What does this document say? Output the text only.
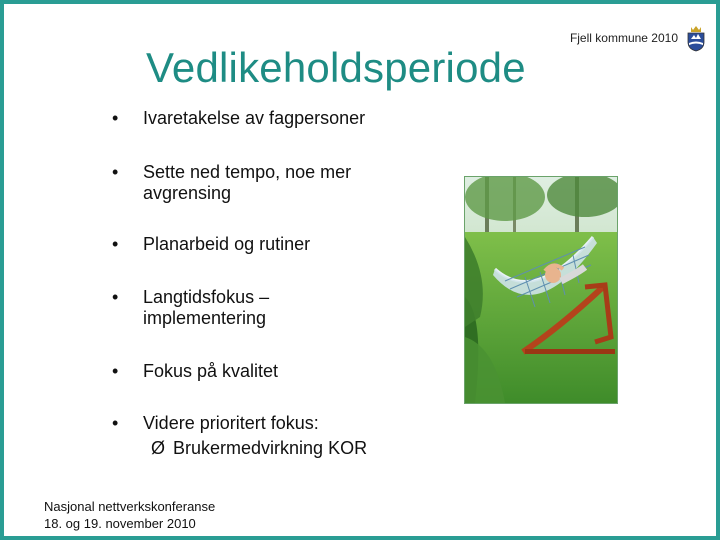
Fjell kommune 2010
Vedlikeholdsperiode
• Ivaretakelse av fagpersoner
• Sette ned tempo, noe mer
avgrensing
• Planarbeid og rutiner
• Langtidsfokus –
implementering
• Fokus på kvalitet
• Videre prioritert fokus:
Ø Brukermedvirkning KOR
Nasjonal nettverkskonferanse
18. og 19. november 2010
